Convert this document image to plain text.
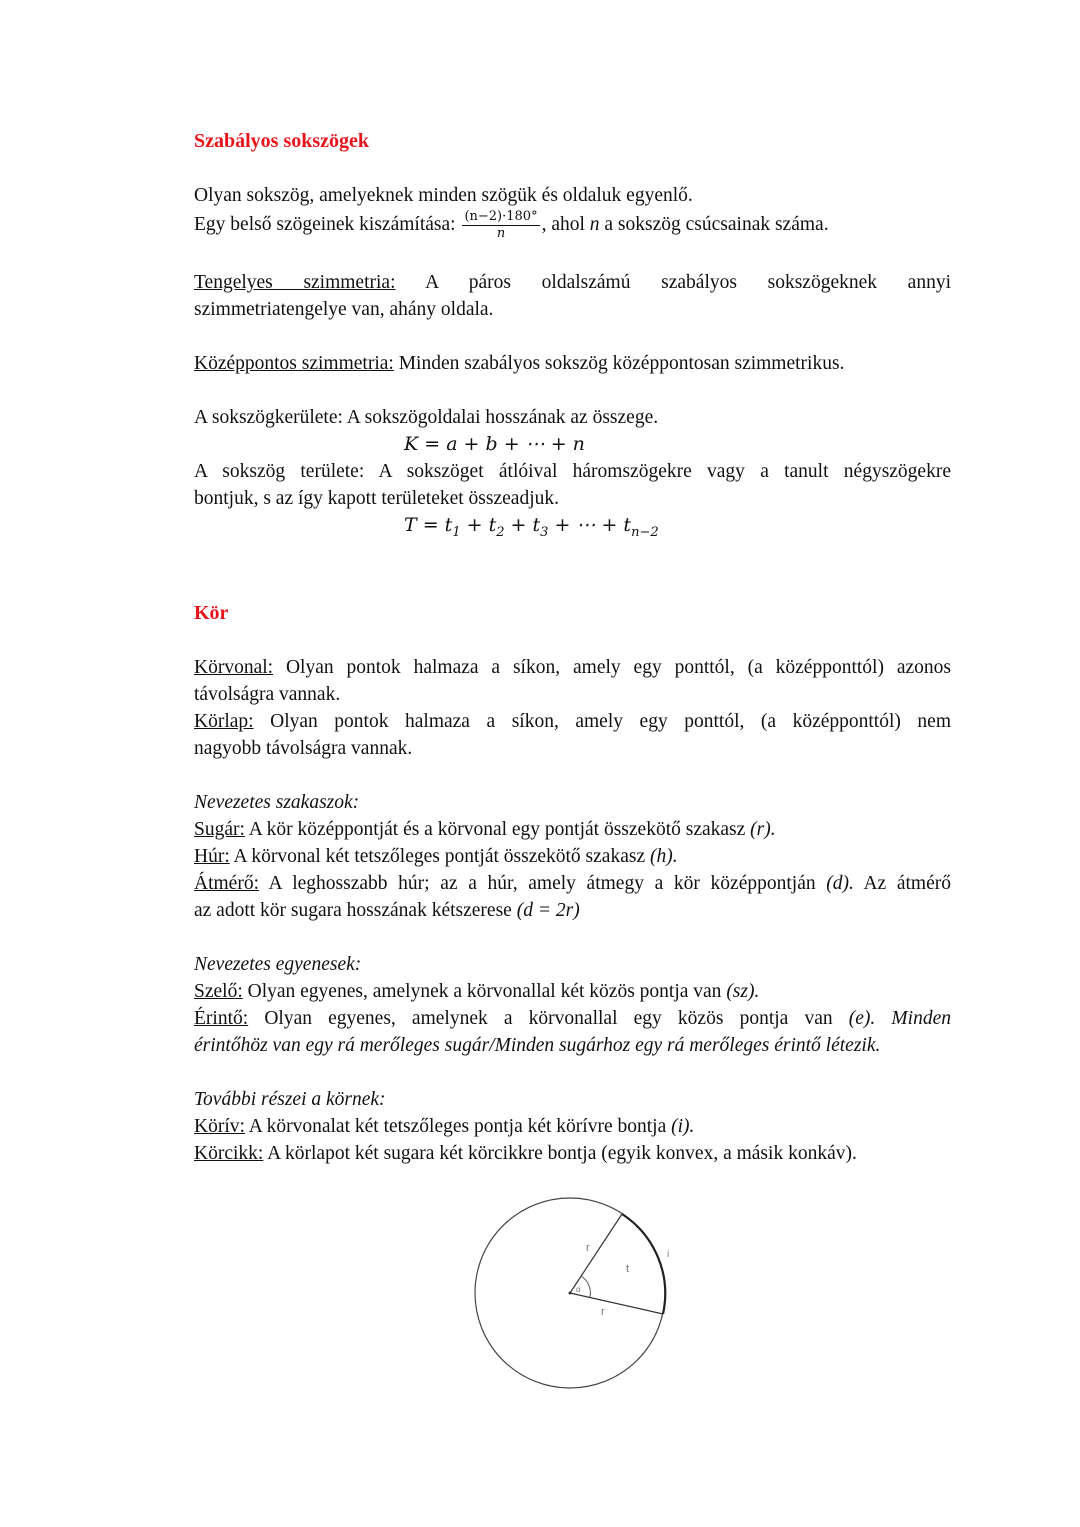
Szabályos sokszögek

Olyan sokszög, amelyeknek minden szögük és oldaluk egyenlő.

Egy belső szögeinek kiszámítása: $\frac{(n-2)\cdot 180^\circ}{n}$ , ahol n a sokszög csúcsainak száma.

Tengelyes szimmetria: A páros oldalszámú szabályos sokszögeknek annyi

szimmetriatengelye van, ahány oldala.

Középpontos szimmetria: Minden szabályos sokszög középpontosan szimmetrikus.

A sokszögkerülete: A sokszögoldalai hosszának az összege.

K = a + b + ⋯ + n

A sokszög területe: A sokszöget átlóival háromszögekre vagy a tanult négyszögekre

bontjuk, s az így kapott területeket összeadjuk.

$T = t_1 + t_2 + t_3$ + ⋯ + $t_{n-2}$

Kör

Körvonal: Olyan pontok halmaza a síkon, amely egy ponttól, (a középponttól) azonos

távolságra vannak.

Körlap: Olyan pontok halmaza a síkon, amely egy ponttól, (a középponttól) nem

nagyobb távolságra vannak.

Nevezetes szakaszok:

Sugár: A kör középpontját és a körvonal egy pontját összekötő szakasz (r).

Húr: A körvonal két tetszőleges pontját összekötő szakasz (h).

Átmérő: A leghosszabb húr; az a húr, amely átmegy a kör középpontján (d). Az átmérő

az adott kör sugara hosszának kétszerese (d = 2r)

Nevezetes egyenesek:

Szelő: Olyan egyenes, amelynek a körvonallal két közös pontja van (sz).

Érintő: Olyan egyenes, amelynek a körvonallal egy közös pontja van (e). Minden

érintőhöz van egy rá merőleges sugár/Minden sugárhoz egy rá merőleges érintő létezik.

További részei a körnek:

Körív: A körvonalat két tetszőleges pontja két körívre bontja (i).

Körcikk: A körlapot két sugara két körcikkre bontja (egyik konvex, a másik konkáv).

r
r
t
i
α
